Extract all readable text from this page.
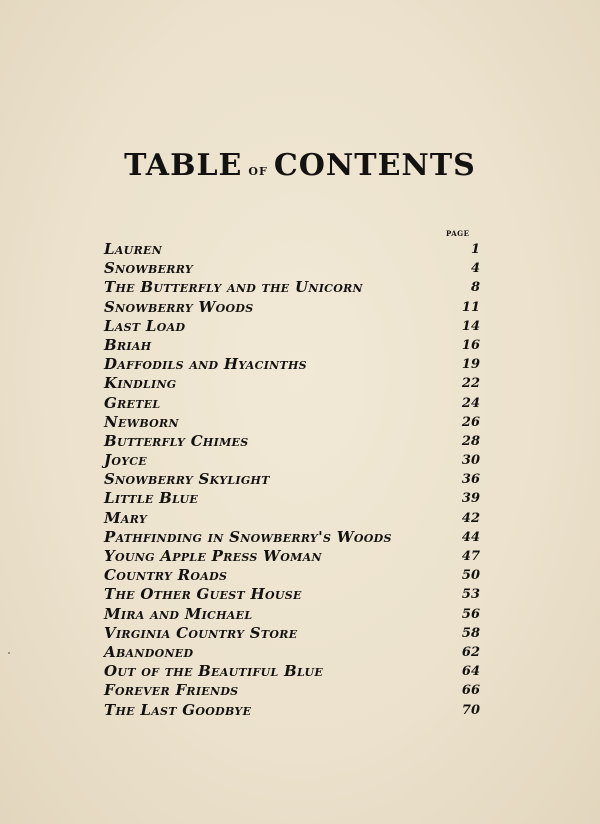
TABLE of CONTENTS
page
Lauren	1
Snowberry	4
The Butterfly and the Unicorn	8
Snowberry Woods	11
Last Load	14
Briah	16
Daffodils and Hyacinths	19
Kindling	22
Gretel	24
Newborn	26
Butterfly Chimes	28
Joyce	30
Snowberry Skylight	36
Little Blue	39
Mary	42
Pathfinding in Snowberry's Woods	44
Young Apple Press Woman	47
Country Roads	50
The Other Guest House	53
Mira and Michael	56
Virginia Country Store	58
Abandoned	62
Out of the Beautiful Blue	64
Forever Friends	66
The Last Goodbye	70
